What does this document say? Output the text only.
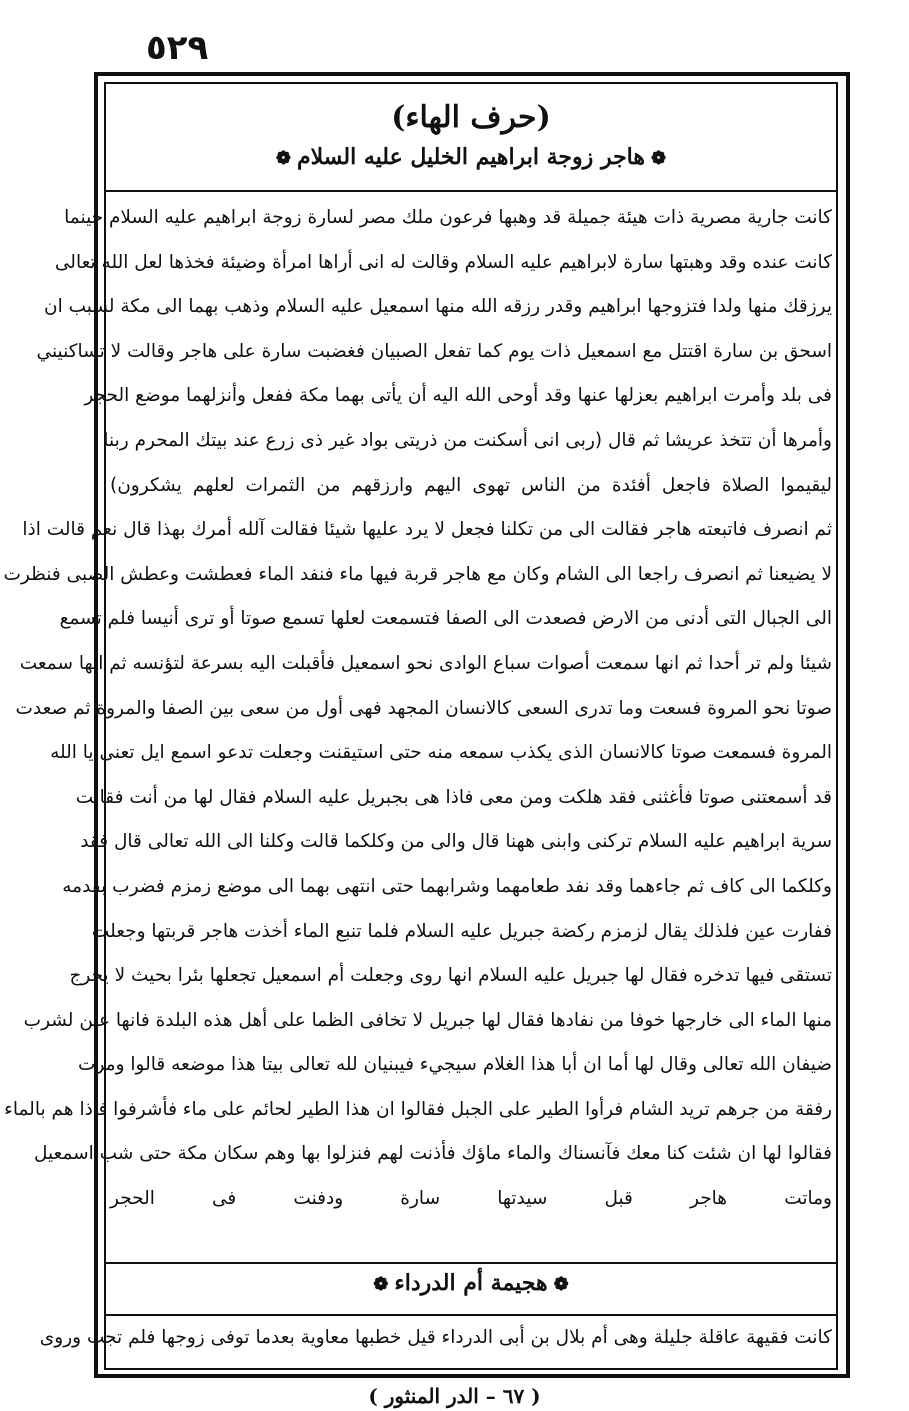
٥٢٩
(حرف الهاء)
❁هاجر زوجة ابراهيم الخليل عليه السلام❁
كانت جارية مصرية ذات هيئة جميلة قد وهبها فرعون ملك مصر لسارة زوجة ابراهيم عليه السلام حينما
كانت عنده وقد وهبتها سارة لابراهيم عليه السلام وقالت له انى أراها امرأة وضيئة فخذها لعل الله تعالى
يرزقك منها ولدا فتزوجها ابراهيم وقدر رزقه الله منها اسمعيل عليه السلام وذهب بهما الى مكة لسبب ان
اسحق بن سارة اقتتل مع اسمعيل ذات يوم كما تفعل الصبيان فغضبت سارة على هاجر وقالت لا تساكنيني
فى بلد وأمرت ابراهيم بعزلها عنها وقد أوحى الله اليه أن يأتى بهما مكة ففعل وأنزلهما موضع الحجر
وأمرها أن تتخذ عريشا ثم قال (ربى انى أسكنت من ذريتى بواد غير ذى زرع عند بيتك المحرم ربنا
ليقيموا الصلاة فاجعل أفئدة من الناس تهوى اليهم وارزقهم من الثمرات لعلهم يشكرون)
ثم انصرف فاتبعته هاجر فقالت الى من تكلنا فجعل لا يرد عليها شيئا فقالت آلله أمرك بهذا قال نعم قالت اذا
لا يضيعنا ثم انصرف راجعا الى الشام وكان مع هاجر قربة فيها ماء فنفد الماء فعطشت وعطش الصبى فنظرت
الى الجبال التى أدنى من الارض فصعدت الى الصفا فتسمعت لعلها تسمع صوتا أو ترى أنيسا فلم تسمع
شيئا ولم تر أحدا ثم انها سمعت أصوات سباع الوادى نحو اسمعيل فأقبلت اليه بسرعة لتؤنسه ثم انها سمعت
صوتا نحو المروة فسعت وما تدرى السعى كالانسان المجهد فهى أول من سعى بين الصفا والمروة ثم صعدت
المروة فسمعت صوتا كالانسان الذى يكذب سمعه منه حتى استيقنت وجعلت تدعو اسمع ايل تعنى يا الله
قد أسمعتنى صوتا فأغثنى فقد هلكت ومن معى فاذا هى بجبريل عليه السلام فقال لها من أنت فقالت
سرية ابراهيم عليه السلام تركنى وابنى ههنا قال والى من وكلكما قالت وكلنا الى الله تعالى قال فقد
وكلكما الى كاف ثم جاءهما وقد نفد طعامهما وشرابهما حتى انتهى بهما الى موضع زمزم فضرب بقدمه
ففارت عين فلذلك يقال لزمزم ركضة جبريل عليه السلام فلما تنبع الماء أخذت هاجر قربتها وجعلت
تستقى فيها تدخره فقال لها جبريل عليه السلام انها روى وجعلت أم اسمعيل تجعلها بئرا بحيث لا يخرج
منها الماء الى خارجها خوفا من نفادها فقال لها جبريل لا تخافى الظما على أهل هذه البلدة فانها عين لشرب
ضيفان الله تعالى وقال لها أما ان أبا هذا الغلام سيجيء فيبنيان لله تعالى بيتا هذا موضعه قالوا ومرت
رفقة من جرهم تريد الشام فرأوا الطير على الجبل فقالوا ان هذا الطير لحائم على ماء فأشرفوا فاذا هم بالماء
فقالوا لها ان شئت كنا معك فآنسناك والماء ماؤك فأذنت لهم فنزلوا بها وهم سكان مكة حتى شب اسمعيل
وماتت هاجر قبل سيدتها سارة ودفنت فى الحجر
❁هجيمة أم الدرداء❁
كانت فقيهة عاقلة جليلة وهى أم بلال بن أبى الدرداء قيل خطبها معاوية بعدما توفى زوجها فلم تجب وروى
( ٦٧ – الدر المنثور )
